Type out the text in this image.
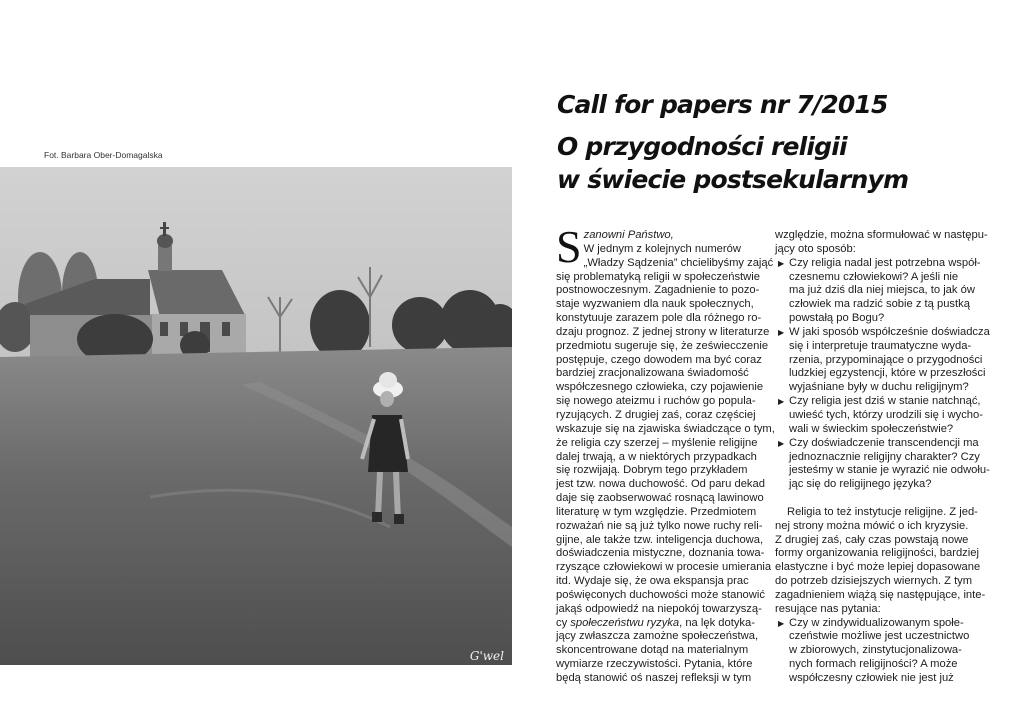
Fot. Barbara Ober-Domagalska
G'wel
Call for papers nr 7/2015
O przygodności religii
w świecie postsekularnym
S zanowni Państwo,
W jednym z kolejnych numerów
„Władzy Sądzenia” chcielibyśmy zająć
się problematyką religii w społeczeństwie
postnowoczesnym. Zagadnienie to pozo-
staje wyzwaniem dla nauk społecznych,
konstytuuje zarazem pole dla różnego ro-
dzaju prognoz. Z jednej strony w literaturze
przedmiotu sugeruje się, że zeświecczenie
postępuje, czego dowodem ma być coraz
bardziej zracjonalizowana świadomość
współczesnego człowieka, czy pojawienie
się nowego ateizmu i ruchów go popula-
ryzujących. Z drugiej zaś, coraz częściej
wskazuje się na zjawiska świadczące o tym,
że religia czy szerzej – myślenie religijne
dalej trwają, a w niektórych przypadkach
się rozwijają. Dobrym tego przykładem
jest tzw. nowa duchowość. Od paru dekad
daje się zaobserwować rosnącą lawinowo
literaturę w tym względzie. Przedmiotem
rozważań nie są już tylko nowe ruchy reli-
gijne, ale także tzw. inteligencja duchowa,
doświadczenia mistyczne, doznania towa-
rzyszące człowiekowi w procesie umierania
itd. Wydaje się, że owa ekspansja prac
poświęconych duchowości może stanowić
jakąś odpowiedź na niepokój towarzyszą-
cy społeczeństwu ryzyka, na lęk dotyka-
jący zwłaszcza zamożne społeczeństwa,
skoncentrowane dotąd na materialnym
wymiarze rzeczywistości. Pytania, które
będą stanowić oś naszej refleksji w tym
względzie, można sformułować w następu-
jący oto sposób:
▶ Czy religia nadal jest potrzebna współ-
czesnemu człowiekowi? A jeśli nie
ma już dziś dla niej miejsca, to jak ów
człowiek ma radzić sobie z tą pustką
powstałą po Bogu?
▶ W jaki sposób współcześnie doświadcza
się i interpretuje traumatyczne wyda-
rzenia, przypominające o przygodności
ludzkiej egzystencji, które w przeszłości
wyjaśniane były w duchu religijnym?
▶ Czy religia jest dziś w stanie natchnąć,
uwieść tych, którzy urodzili się i wycho-
wali w świeckim społeczeństwie?
▶ Czy doświadczenie transcendencji ma
jednoznacznie religijny charakter? Czy
jesteśmy w stanie je wyrazić nie odwołu-
jąc się do religijnego języka?
Religia to też instytucje religijne. Z jed-
nej strony można mówić o ich kryzysie.
Z drugiej zaś, cały czas powstają nowe
formy organizowania religijności, bardziej
elastyczne i być może lepiej dopasowane
do potrzeb dzisiejszych wiernych. Z tym
zagadnieniem wiążą się następujące, inte-
resujące nas pytania:
▶ Czy w zindywidualizowanym społe-
czeństwie możliwe jest uczestnictwo
w zbiorowych, zinstytucjonalizowa-
nych formach religijności? A może
współczesny człowiek nie jest już
